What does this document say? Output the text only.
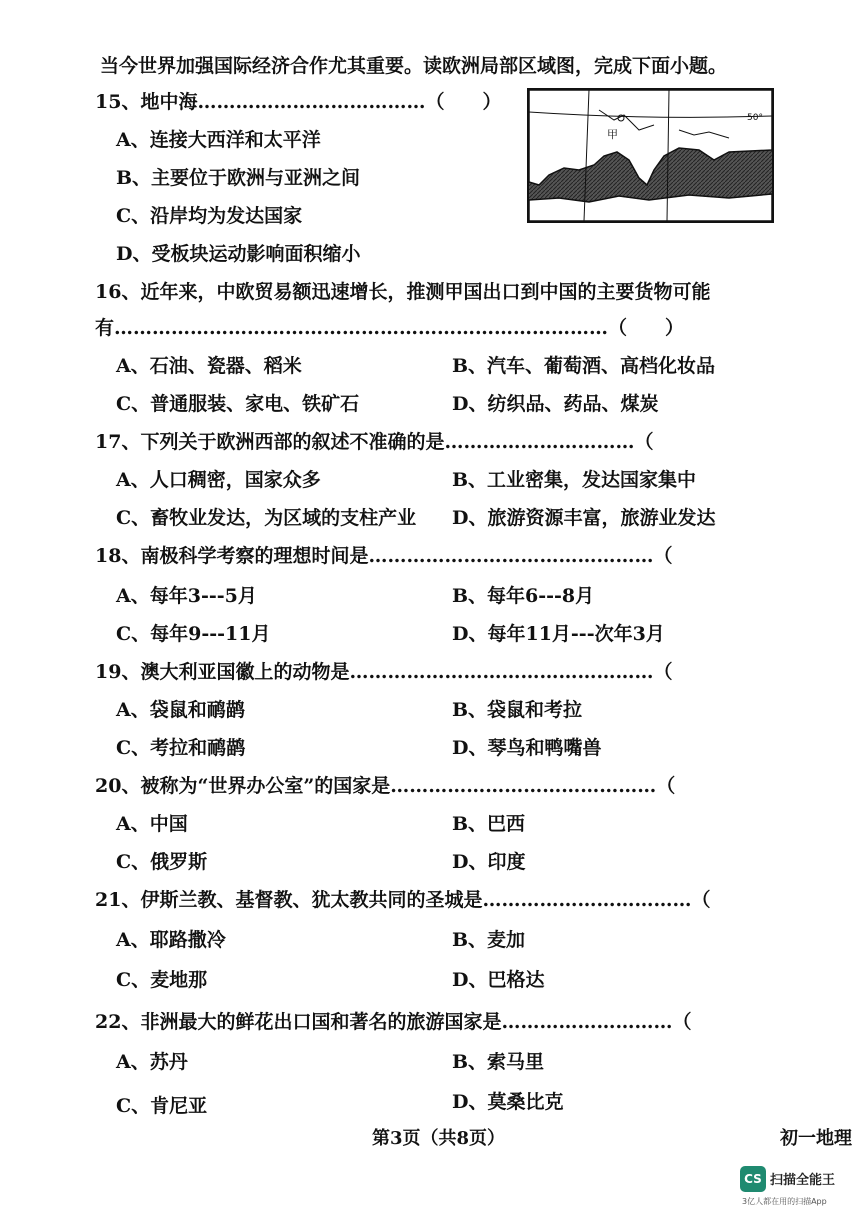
当今世界加强国际经济合作尤其重要。读欧洲局部区域图，完成下面小题。
甲
50°
15、地中海………………………………（　　）
A、连接大西洋和太平洋
B、主要位于欧洲与亚洲之间
C、沿岸均为发达国家
D、受板块运动影响面积缩小
16、近年来，中欧贸易额迅速增长，推测甲国出口到中国的主要货物可能
有……………………………………………………………………（　　）
A、石油、瓷器、稻米	B、汽车、葡萄酒、高档化妆品
C、普通服装、家电、铁矿石	D、纺织品、药品、煤炭
17、下列关于欧洲西部的叙述不准确的是…………………………（
A、人口稠密，国家众多	B、工业密集，发达国家集中
C、畜牧业发达，为区域的支柱产业 D、旅游资源丰富，旅游业发达
18、南极科学考察的理想时间是………………………………………（
A、每年3---5月	B、每年6---8月
C、每年9---11月	D、每年11月---次年3月
19、澳大利亚国徽上的动物是…………………………………………（
A、袋鼠和鸸鹋	B、袋鼠和考拉
C、考拉和鸸鹋	D、琴鸟和鸭嘴兽
20、被称为“世界办公室”的国家是……………………………………（
A、中国	B、巴西
C、俄罗斯	D、印度
21、伊斯兰教、基督教、犹太教共同的圣城是……………………………（
A、耶路撒冷	B、麦加
C、麦地那	D、巴格达
22、非洲最大的鲜花出口国和著名的旅游国家是………………………（
A、苏丹	B、索马里
C、肯尼亚	D、莫桑比克
第3页（共8页）	初一地理
CS 扫描全能王
3亿人都在用的扫描App
